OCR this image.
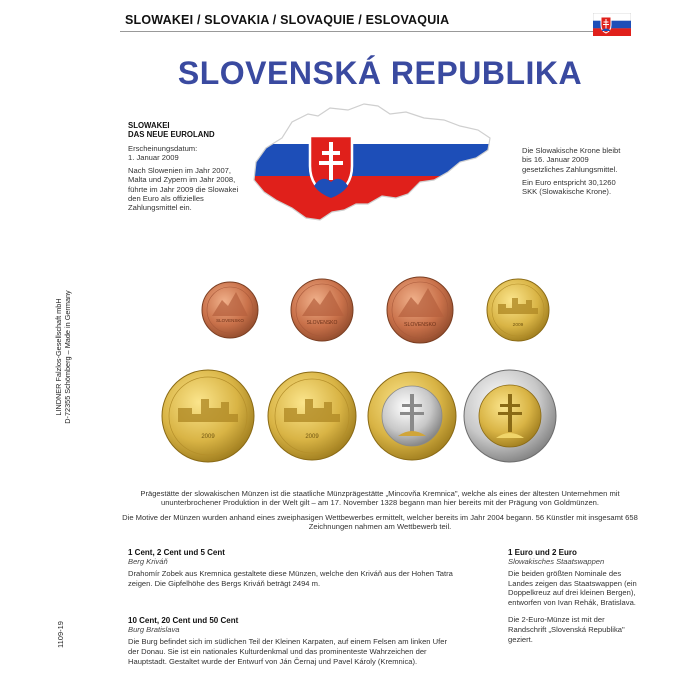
SLOWAKEI / SLOVAKIA / SLOVAQUIE / ESLOVAQUIA
SLOVENSKÁ REPUBLIKA
SLOWAKEI
DAS NEUE EUROLAND

Erscheinungsdatum:
1. Januar 2009

Nach Slowenien im Jahr 2007, Malta und Zypern im Jahr 2008, führte im Jahr 2009 die Slowakei den Euro als offizielles Zahlungsmittel ein.

Die Slowakische Krone bleibt bis 16. Januar 2009 gesetzliches Zahlungsmittel.

Ein Euro entspricht 30,1260 SKK (Slowakische Krone).

LINDNER Falzlos-Gesellschaft mbH D-72355 Schömberg – Made in Germany
1109-19
SLOVENSKO	SLOVENSKO	SLOVENSKO	2009
2009	2009

Prägestätte der slowakischen Münzen ist die staatliche Münzprägestätte „Mincovňa Kremnica", welche als eines der ältesten Unternehmen mit ununterbrochener Produktion in der Welt gilt – am 17. November 1328 begann man hier bereits mit der Prägung von Goldmünzen.

Die Motive der Münzen wurden anhand eines zweiphasigen Wettbewerbes ermittelt, welcher bereits im Jahr 2004 begann. 56 Künstler mit insgesamt 658 Zeichnungen nahmen am Wettbewerb teil.

1 Cent, 2 Cent und 5 Cent
Berg Kriváň

Drahomír Zobek aus Kremnica gestaltete diese Münzen, welche den Kriváň aus der Hohen Tatra zeigen. Die Gipfelhöhe des Bergs Kriváň beträgt 2494 m.

10 Cent, 20 Cent und 50 Cent
Burg Bratislava

Die Burg befindet sich im südlichen Teil der Kleinen Karpaten, auf einem Felsen am linken Ufer der Donau. Sie ist ein nationales Kulturdenkmal und das prominenteste Wahrzeichen der Hauptstadt. Gestaltet wurde der Entwurf von Ján Černaj und Pavel Károly (Kremnica).

1 Euro und 2 Euro
Slowakisches Staatswappen

Die beiden größten Nominale des Landes zeigen das Staatswappen (ein Doppelkreuz auf drei kleinen Bergen), entworfen von Ivan Rehák, Bratislava.

Die 2-Euro-Münze ist mit der Randschrift „Slovenská Republika" geziert.
